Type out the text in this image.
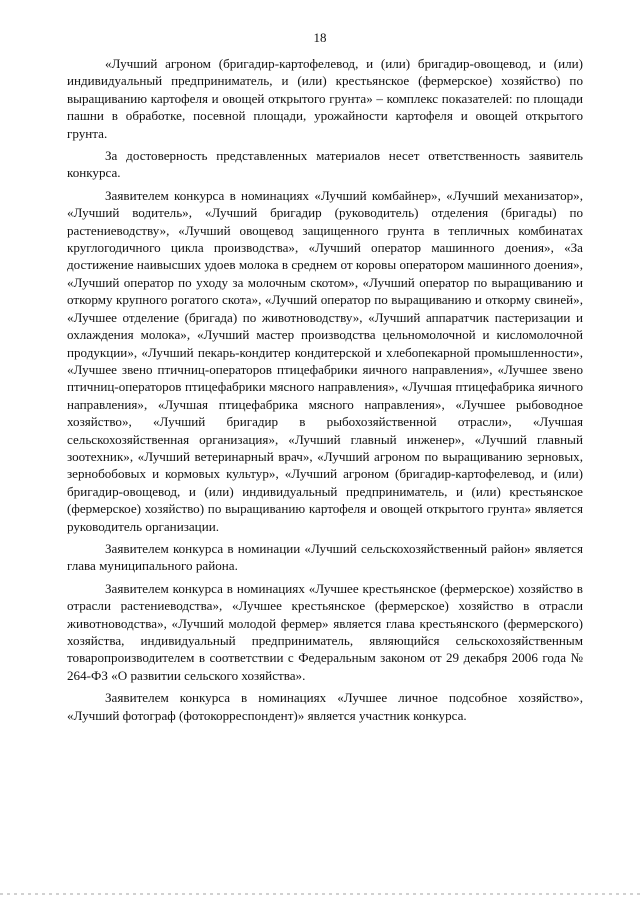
18

«Лучший агроном (бригадир-картофелевод, и (или) бригадир-овощевод, и (или) индивидуальный предприниматель, и (или) крестьянское (фермерское) хозяйство) по выращиванию картофеля и овощей открытого грунта» – комплекс показателей: по площади пашни в обработке, посевной площади, урожайности картофеля и овощей открытого грунта.

За достоверность представленных материалов несет ответственность заявитель конкурса.

Заявителем конкурса в номинациях «Лучший комбайнер», «Лучший механизатор», «Лучший водитель», «Лучший бригадир (руководитель) отделения (бригады) по растениеводству», «Лучший овощевод защищенного грунта в тепличных комбинатах круглогодичного цикла производства», «Лучший оператор машинного доения», «За достижение наивысших удоев молока в среднем от коровы оператором машинного доения», «Лучший оператор по уходу за молочным скотом», «Лучший оператор по выращиванию и откорму крупного рогатого скота», «Лучший оператор по выращиванию и откорму свиней», «Лучшее отделение (бригада) по животноводству», «Лучший аппаратчик пастеризации и охлаждения молока», «Лучший мастер производства цельномолочной и кисломолочной продукции», «Лучший пекарь-кондитер кондитерской и хлебопекарной промышленности», «Лучшее звено птичниц-операторов птицефабрики яичного направления», «Лучшее звено птичниц-операторов птицефабрики мясного направления», «Лучшая птицефабрика яичного направления», «Лучшая птицефабрика мясного направления», «Лучшее рыбоводное хозяйство», «Лучший бригадир в рыбохозяйственной отрасли», «Лучшая сельскохозяйственная организация», «Лучший главный инженер», «Лучший главный зоотехник», «Лучший ветеринарный врач», «Лучший агроном по выращиванию зерновых, зернобобовых и кормовых культур», «Лучший агроном (бригадир-картофелевод, и (или) бригадир-овощевод, и (или) индивидуальный предприниматель, и (или) крестьянское (фермерское) хозяйство) по выращиванию картофеля и овощей открытого грунта» является руководитель организации.

Заявителем конкурса в номинации «Лучший сельскохозяйственный район» является глава муниципального района.

Заявителем конкурса в номинациях «Лучшее крестьянское (фермерское) хозяйство в отрасли растениеводства», «Лучшее крестьянское (фермерское) хозяйство в отрасли животноводства», «Лучший молодой фермер» является глава крестьянского (фермерского) хозяйства, индивидуальный предприниматель, являющийся сельскохозяйственным товаропроизводителем в соответствии с Федеральным законом от 29 декабря 2006 года № 264-ФЗ «О развитии сельского хозяйства».

Заявителем конкурса в номинациях «Лучшее личное подсобное хозяйство», «Лучший фотограф (фотокорреспондент)» является участник конкурса.
